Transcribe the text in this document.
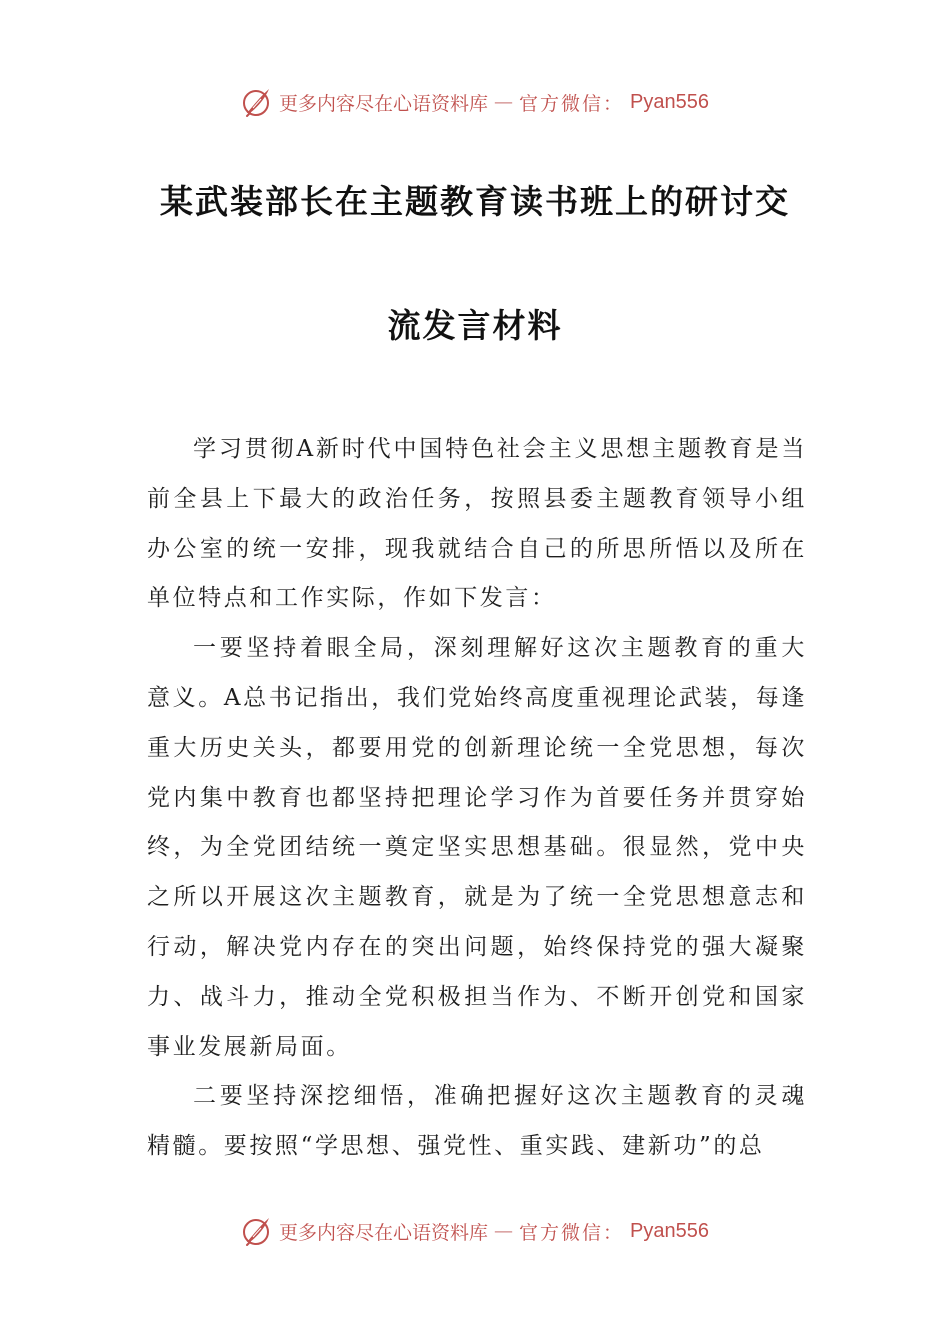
更多内容尽在心语资料库 — 官方微信： Pyan556
某武装部长在主题教育读书班上的研讨交
流发言材料

学习贯彻A新时代中国特色社会主义思想主题教育是当前全县上下最大的政治任务，按照县委主题教育领导小组办公室的统一安排，现我就结合自己的所思所悟以及所在单位特点和工作实际，作如下发言：

一要坚持着眼全局，深刻理解好这次主题教育的重大意义。A总书记指出，我们党始终高度重视理论武装，每逢重大历史关头，都要用党的创新理论统一全党思想，每次党内集中教育也都坚持把理论学习作为首要任务并贯穿始终，为全党团结统一奠定坚实思想基础。很显然，党中央之所以开展这次主题教育，就是为了统一全党思想意志和行动，解决党内存在的突出问题，始终保持党的强大凝聚力、战斗力，推动全党积极担当作为、不断开创党和国家事业发展新局面。

二要坚持深挖细悟，准确把握好这次主题教育的灵魂精髓。要按照“学思想、强党性、重实践、建新功”的总

更多内容尽在心语资料库 — 官方微信： Pyan556
